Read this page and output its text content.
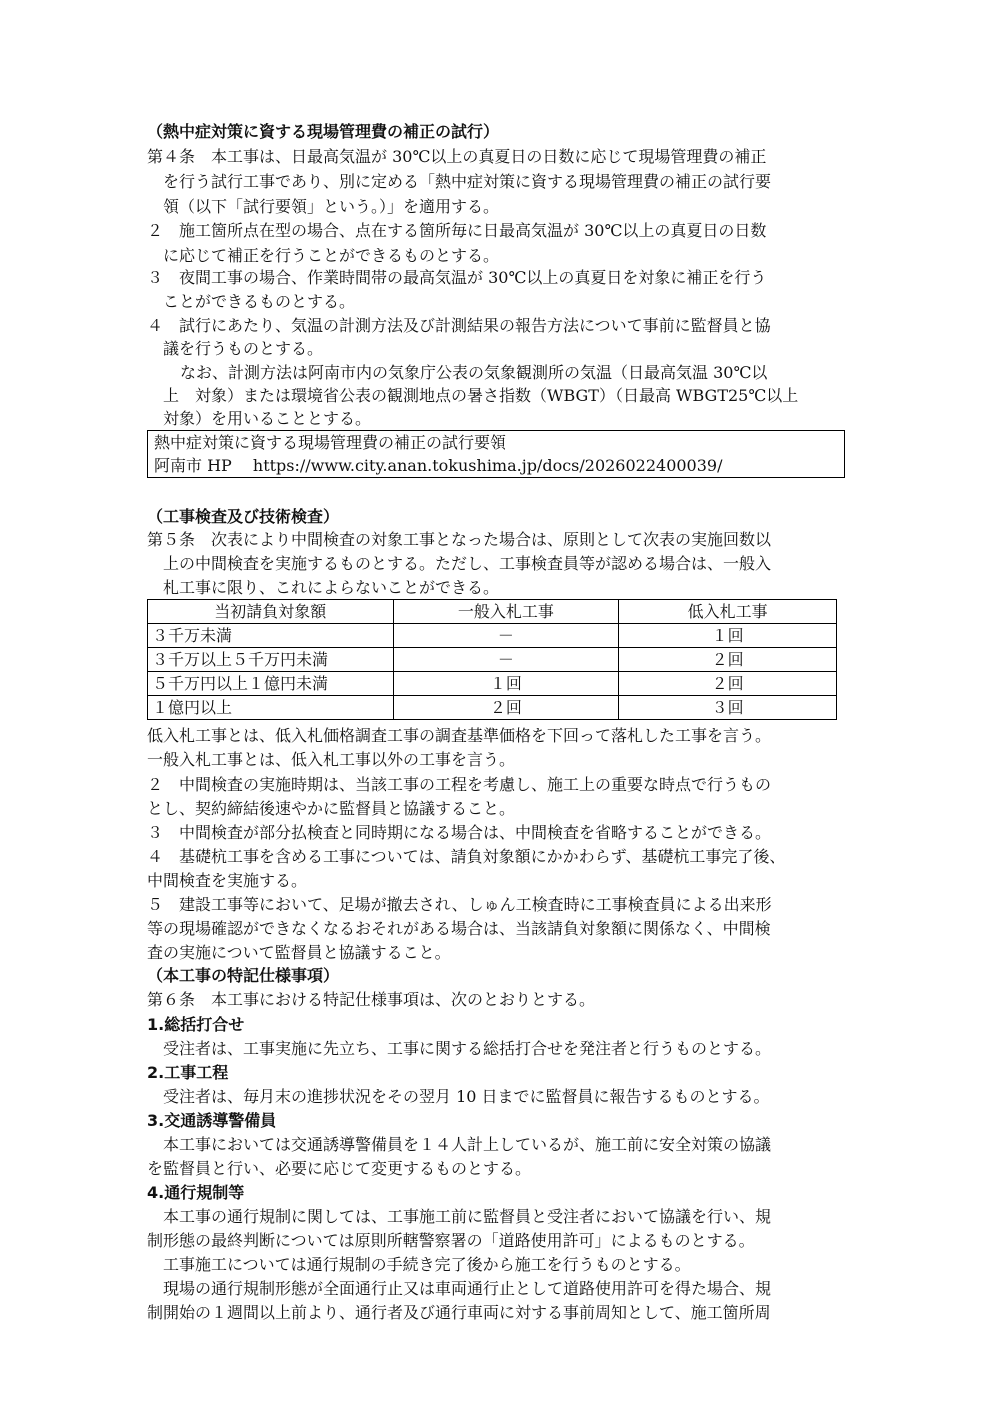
（熱中症対策に資する現場管理費の補正の試行）
第４条　本工事は、日最高気温が 30℃以上の真夏日の日数に応じて現場管理費の補正
を行う試行工事であり、別に定める「熱中症対策に資する現場管理費の補正の試行要
領（以下「試行要領」という。）」を適用する。
２　施工箇所点在型の場合、点在する箇所毎に日最高気温が 30℃以上の真夏日の日数
に応じて補正を行うことができるものとする。
３　夜間工事の場合、作業時間帯の最高気温が 30℃以上の真夏日を対象に補正を行う
ことができるものとする。
４　試行にあたり、気温の計測方法及び計測結果の報告方法について事前に監督員と協
議を行うものとする。
なお、計測方法は阿南市内の気象庁公表の気象観測所の気温（日最高気温 30℃以
上　対象）または環境省公表の観測地点の暑さ指数（WBGT）（日最高 WBGT25℃以上
対象）を用いることとする。
熱中症対策に資する現場管理費の補正の試行要領
阿南市 HP　 https://www.city.anan.tokushima.jp/docs/2026022400039/
（工事検査及び技術検査）
第５条　次表により中間検査の対象工事となった場合は、原則として次表の実施回数以
上の中間検査を実施するものとする。ただし、工事検査員等が認める場合は、一般入
札工事に限り、これによらないことができる。
当初請負対象額	一般入札工事	低入札工事
３千万未満	－	１回
３千万以上５千万円未満	－	２回
５千万円以上１億円未満	１回	２回
１億円以上	２回	３回
低入札工事とは、低入札価格調査工事の調査基準価格を下回って落札した工事を言う。
一般入札工事とは、低入札工事以外の工事を言う。
２　中間検査の実施時期は、当該工事の工程を考慮し、施工上の重要な時点で行うもの
とし、契約締結後速やかに監督員と協議すること。
３　中間検査が部分払検査と同時期になる場合は、中間検査を省略することができる。
４　基礎杭工事を含める工事については、請負対象額にかかわらず、基礎杭工事完了後、
中間検査を実施する。
５　建設工事等において、足場が撤去され、しゅん工検査時に工事検査員による出来形
等の現場確認ができなくなるおそれがある場合は、当該請負対象額に関係なく、中間検
査の実施について監督員と協議すること。
（本工事の特記仕様事項）
第６条　本工事における特記仕様事項は、次のとおりとする。
1.総括打合せ
受注者は、工事実施に先立ち、工事に関する総括打合せを発注者と行うものとする。
2.工事工程
受注者は、毎月末の進捗状況をその翌月 10 日までに監督員に報告するものとする。
3.交通誘導警備員
本工事においては交通誘導警備員を１４人計上しているが、施工前に安全対策の協議
を監督員と行い、必要に応じて変更するものとする。
4.通行規制等
本工事の通行規制に関しては、工事施工前に監督員と受注者において協議を行い、規
制形態の最終判断については原則所轄警察署の「道路使用許可」によるものとする。
工事施工については通行規制の手続き完了後から施工を行うものとする。
現場の通行規制形態が全面通行止又は車両通行止として道路使用許可を得た場合、規
制開始の１週間以上前より、通行者及び通行車両に対する事前周知として、施工箇所周
